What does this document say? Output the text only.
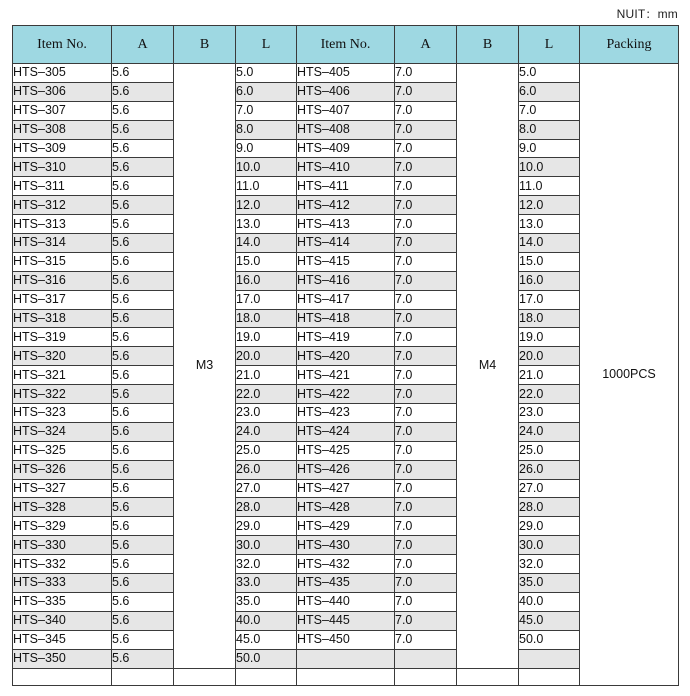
NUIT：mm
Item No.	A	B	L	Item No.	A	B	L	Packing
HTS–305	5.6	M3	5.0	HTS–405	7.0	M4	5.0	1000PCS
HTS–306	5.6		6.0	HTS–406	7.0		6.0	
HTS–307	5.6		7.0	HTS–407	7.0		7.0	
HTS–308	5.6		8.0	HTS–408	7.0		8.0	
HTS–309	5.6		9.0	HTS–409	7.0		9.0	
HTS–310	5.6		10.0	HTS–410	7.0		10.0	
HTS–311	5.6		11.0	HTS–411	7.0		11.0	
HTS–312	5.6		12.0	HTS–412	7.0		12.0	
HTS–313	5.6		13.0	HTS–413	7.0		13.0	
HTS–314	5.6		14.0	HTS–414	7.0		14.0	
HTS–315	5.6		15.0	HTS–415	7.0		15.0	
HTS–316	5.6		16.0	HTS–416	7.0		16.0	
HTS–317	5.6		17.0	HTS–417	7.0		17.0	
HTS–318	5.6		18.0	HTS–418	7.0		18.0	
HTS–319	5.6		19.0	HTS–419	7.0		19.0	
HTS–320	5.6		20.0	HTS–420	7.0		20.0	
HTS–321	5.6		21.0	HTS–421	7.0		21.0	
HTS–322	5.6		22.0	HTS–422	7.0		22.0	
HTS–323	5.6		23.0	HTS–423	7.0		23.0	
HTS–324	5.6		24.0	HTS–424	7.0		24.0	
HTS–325	5.6		25.0	HTS–425	7.0		25.0	
HTS–326	5.6		26.0	HTS–426	7.0		26.0	
HTS–327	5.6		27.0	HTS–427	7.0		27.0	
HTS–328	5.6		28.0	HTS–428	7.0		28.0	
HTS–329	5.6		29.0	HTS–429	7.0		29.0	
HTS–330	5.6		30.0	HTS–430	7.0		30.0	
HTS–332	5.6		32.0	HTS–432	7.0		32.0	
HTS–333	5.6		33.0	HTS–435	7.0		35.0	
HTS–335	5.6		35.0	HTS–440	7.0		40.0	
HTS–340	5.6		40.0	HTS–445	7.0		45.0	
HTS–345	5.6		45.0	HTS–450	7.0		50.0	
HTS–350	5.6		50.0					
